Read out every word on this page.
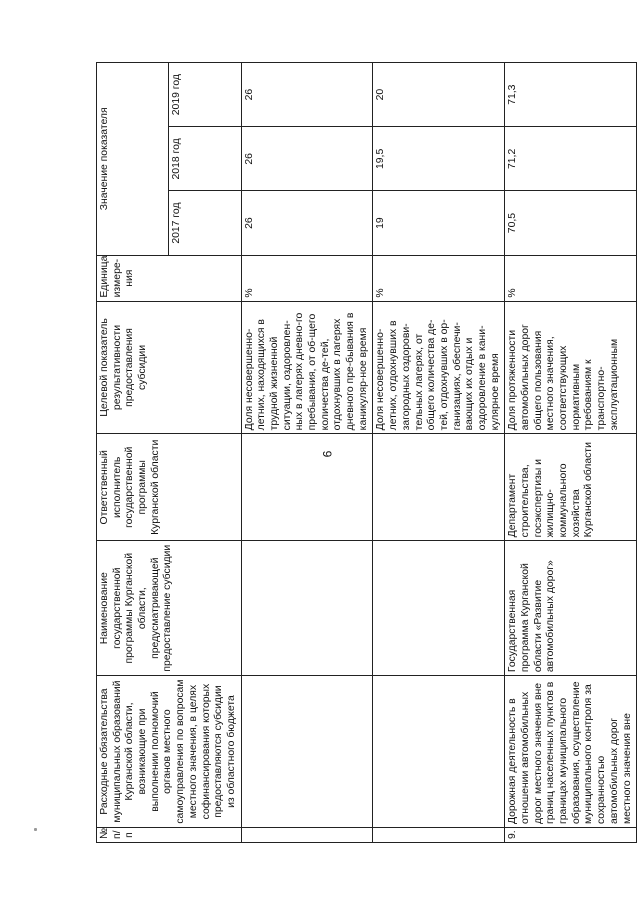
9
№ п/п	Расходные обязательства муниципальных образований Курганской области, возникающие при выполнении полномочий органов местного самоуправления по вопросам местного значения, в целях софинансирования которых предоставляются субсидии из областного бюджета	Наименование государственной программы Курганской области, предусматривающей предоставление субсидии	Ответственный исполнитель государственной программы Курганской области	Целевой показатель результативности предоставления субсидии	Единица измере-ния	Значение показателя		
						2017 год	2018 год	2019 год
				Доля несовершенно-летних, находящихся в трудной жизненной ситуации, оздоровлен-ных в лагерях дневно-го пребывания, от об-щего количества де-тей, отдохнувших в лагерях дневного пре-бывания в каникуляр-ное время	%	26	26	26
				Доля несовершенно-летних, отдохнувших в загородных оздорови-тельных лагерях, от общего количества де-тей, отдохнувших в ор-ганизациях, обеспечи-вающих их отдых и оздоровление в кани-кулярное время	%	19	19,5	20
9.	Дорожная деятельность в отношении автомобильных дорог местного значения вне границ населенных пунктов в границах муниципального образования, осуществление муниципального контроля за сохранностью автомобильных дорог местного значения вне	Государственная программа Курганской области «Развитие автомобильных дорог»	Департамент строительства, госэкспертизы и жилищно-коммунального хозяйства Курганской области	Доля протяженности автомобильных дорог общего пользования местного значения, соответствующих нормативным требованиям к транспортно-эксплуатационным	%	70,5	71,2	71,3
